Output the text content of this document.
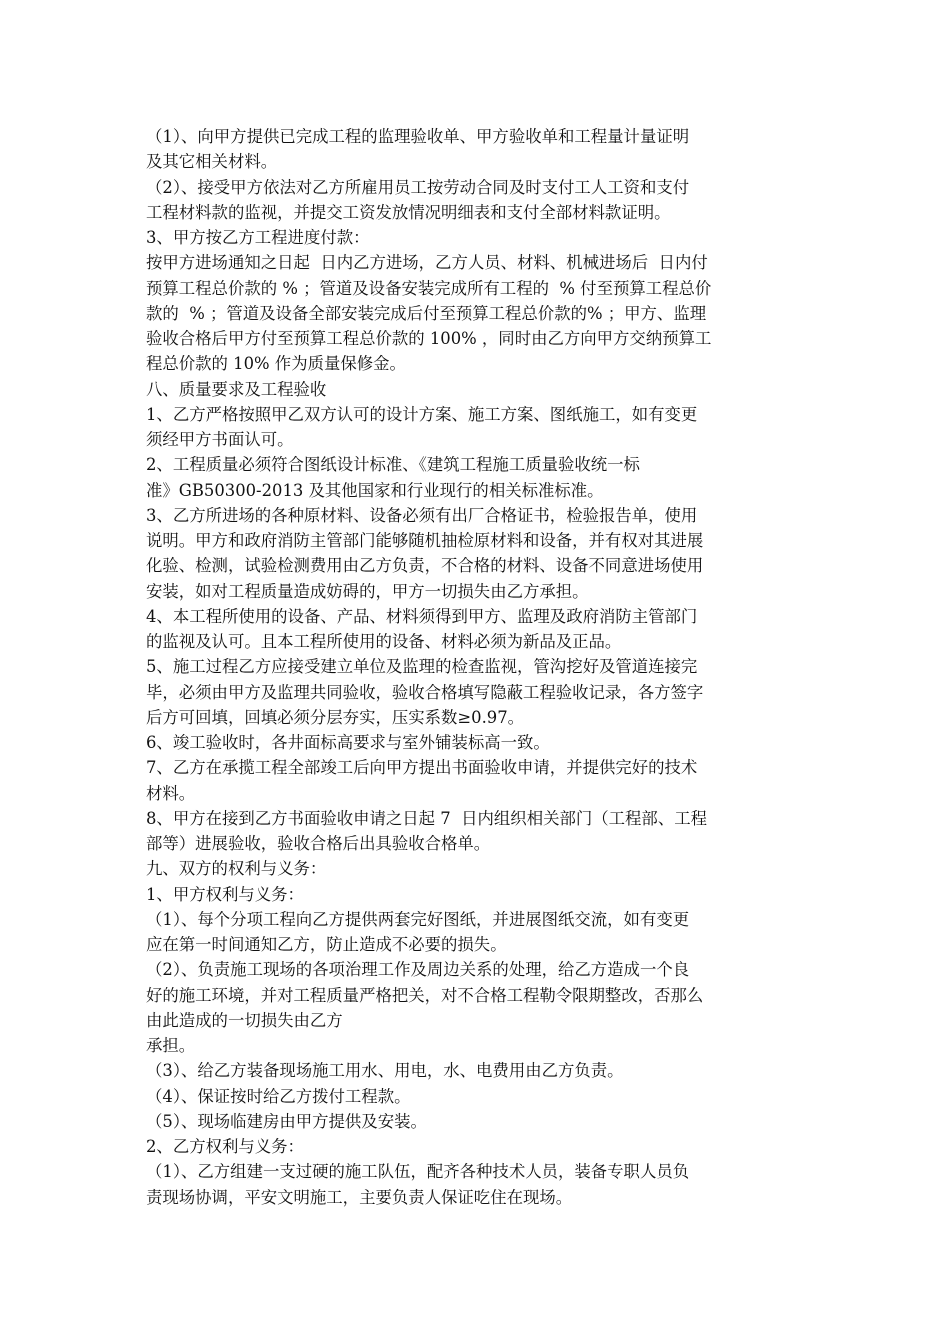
（1）、向甲方提供已完成工程的监理验收单、甲方验收单和工程量计量证明
及其它相关材料。
（2）、接受甲方依法对乙方所雇用员工按劳动合同及时支付工人工资和支付
工程材料款的监视，并提交工资发放情况明细表和支付全部材料款证明。
3、甲方按乙方工程进度付款：
按甲方进场通知之日起  日内乙方进场，乙方人员、材料、机械进场后  日内付
预算工程总价款的 % ；管道及设备安装完成所有工程的  % 付至预算工程总价
款的  % ；管道及设备全部安装完成后付至预算工程总价款的% ；甲方、监理
验收合格后甲方付至预算工程总价款的 100% ，同时由乙方向甲方交纳预算工
程总价款的 10% 作为质量保修金。
八、质量要求及工程验收
1、乙方严格按照甲乙双方认可的设计方案、施工方案、图纸施工，如有变更
须经甲方书面认可。
2、工程质量必须符合图纸设计标准、《建筑工程施工质量验收统一标
准》GB50300-2013 及其他国家和行业现行的相关标准标准。
3、乙方所进场的各种原材料、设备必须有出厂合格证书，检验报告单，使用
说明。甲方和政府消防主管部门能够随机抽检原材料和设备，并有权对其进展
化验、检测，试验检测费用由乙方负责，不合格的材料、设备不同意进场使用
安装，如对工程质量造成妨碍的，甲方一切损失由乙方承担。
4、本工程所使用的设备、产品、材料须得到甲方、监理及政府消防主管部门
的监视及认可。且本工程所使用的设备、材料必须为新品及正品。
5、施工过程乙方应接受建立单位及监理的检查监视，管沟挖好及管道连接完
毕，必须由甲方及监理共同验收，验收合格填写隐蔽工程验收记录，各方签字
后方可回填，回填必须分层夯实，压实系数≥0.97。
6、竣工验收时，各井面标高要求与室外铺装标高一致。
7、乙方在承揽工程全部竣工后向甲方提出书面验收申请，并提供完好的技术
材料。
8、甲方在接到乙方书面验收申请之日起 7  日内组织相关部门（工程部、工程
部等）进展验收，验收合格后出具验收合格单。
九、双方的权利与义务：
1、甲方权利与义务：
（1）、每个分项工程向乙方提供两套完好图纸，并进展图纸交流，如有变更
应在第一时间通知乙方，防止造成不必要的损失。
（2）、负责施工现场的各项治理工作及周边关系的处理，给乙方造成一个良
好的施工环境，并对工程质量严格把关，对不合格工程勒令限期整改，否那么
由此造成的一切损失由乙方
承担。
（3）、给乙方装备现场施工用水、用电，水、电费用由乙方负责。
（4）、保证按时给乙方拨付工程款。
（5）、现场临建房由甲方提供及安装。
2、乙方权利与义务：
（1）、乙方组建一支过硬的施工队伍，配齐各种技术人员，装备专职人员负
责现场协调，平安文明施工，主要负责人保证吃住在现场。
